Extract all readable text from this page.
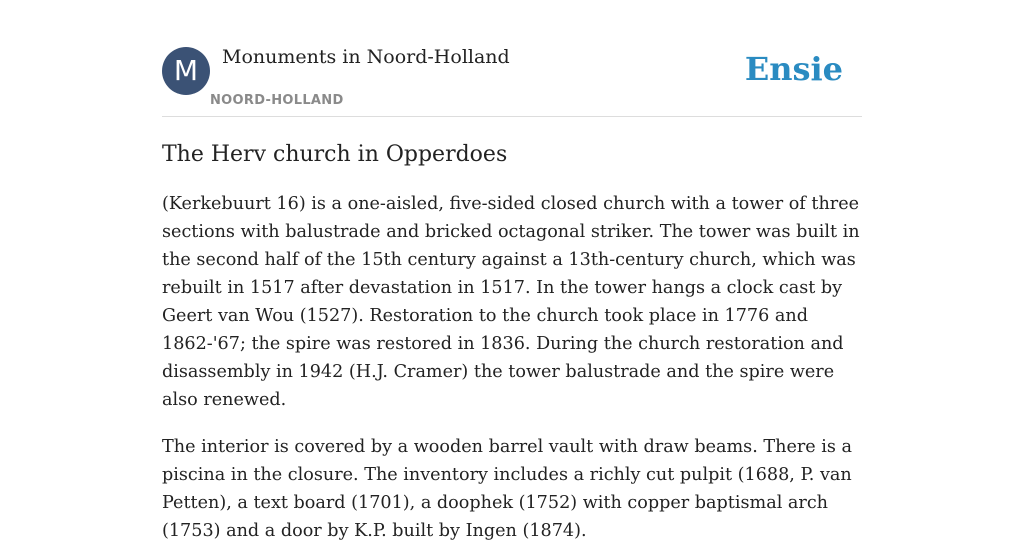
M	Monuments in Noord-Holland
NOORD-HOLLAND
Ensie
The Herv church in Opperdoes

(Kerkebuurt 16) is a one-aisled, five-sided closed church with a tower of three sections with balustrade and bricked octagonal striker. The tower was built in the second half of the 15th century against a 13th-century church, which was rebuilt in 1517 after devastation in 1517. In the tower hangs a clock cast by Geert van Wou (1527). Restoration to the church took place in 1776 and 1862-'67; the spire was restored in 1836. During the church restoration and disassembly in 1942 (H.J. Cramer) the tower balustrade and the spire were also renewed.

The interior is covered by a wooden barrel vault with draw beams. There is a piscina in the closure. The inventory includes a richly cut pulpit (1688, P. van Petten), a text board (1701), a doophek (1752) with copper baptismal arch (1753) and a door by K.P. built by Ingen (1874).
